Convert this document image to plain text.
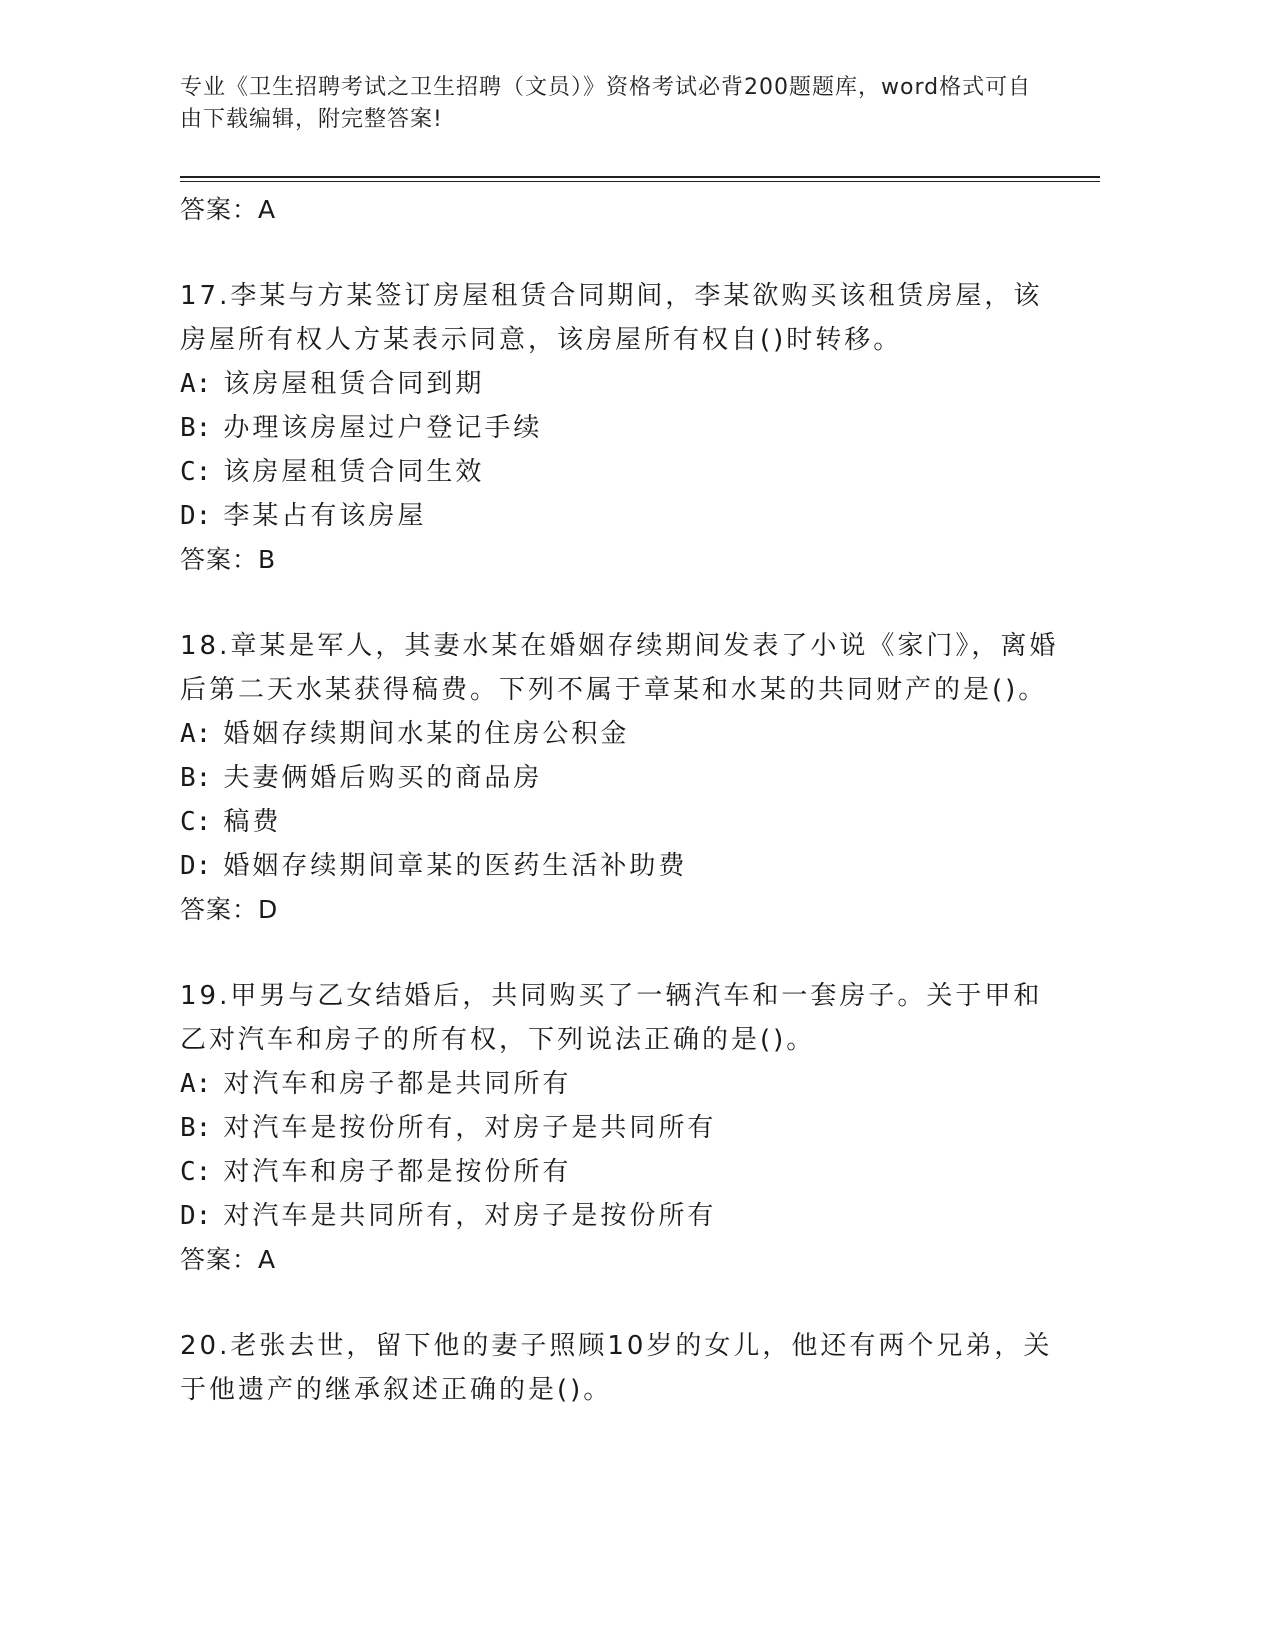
专业《卫生招聘考试之卫生招聘（文员）》资格考试必背200题题库，word格式可自由下载编辑，附完整答案!
答案：A
17.李某与方某签订房屋租赁合同期间，李某欲购买该租赁房屋，该房屋所有权人方某表示同意，该房屋所有权自()时转移。
A: 该房屋租赁合同到期
B: 办理该房屋过户登记手续
C: 该房屋租赁合同生效
D: 李某占有该房屋
答案：B
18.章某是军人，其妻水某在婚姻存续期间发表了小说《家门》，离婚后第二天水某获得稿费。下列不属于章某和水某的共同财产的是()。
A: 婚姻存续期间水某的住房公积金
B: 夫妻俩婚后购买的商品房
C: 稿费
D: 婚姻存续期间章某的医药生活补助费
答案：D
19.甲男与乙女结婚后，共同购买了一辆汽车和一套房子。关于甲和乙对汽车和房子的所有权，下列说法正确的是()。
A: 对汽车和房子都是共同所有
B: 对汽车是按份所有，对房子是共同所有
C: 对汽车和房子都是按份所有
D: 对汽车是共同所有，对房子是按份所有
答案：A
20.老张去世，留下他的妻子照顾10岁的女儿，他还有两个兄弟，关于他遗产的继承叙述正确的是()。
